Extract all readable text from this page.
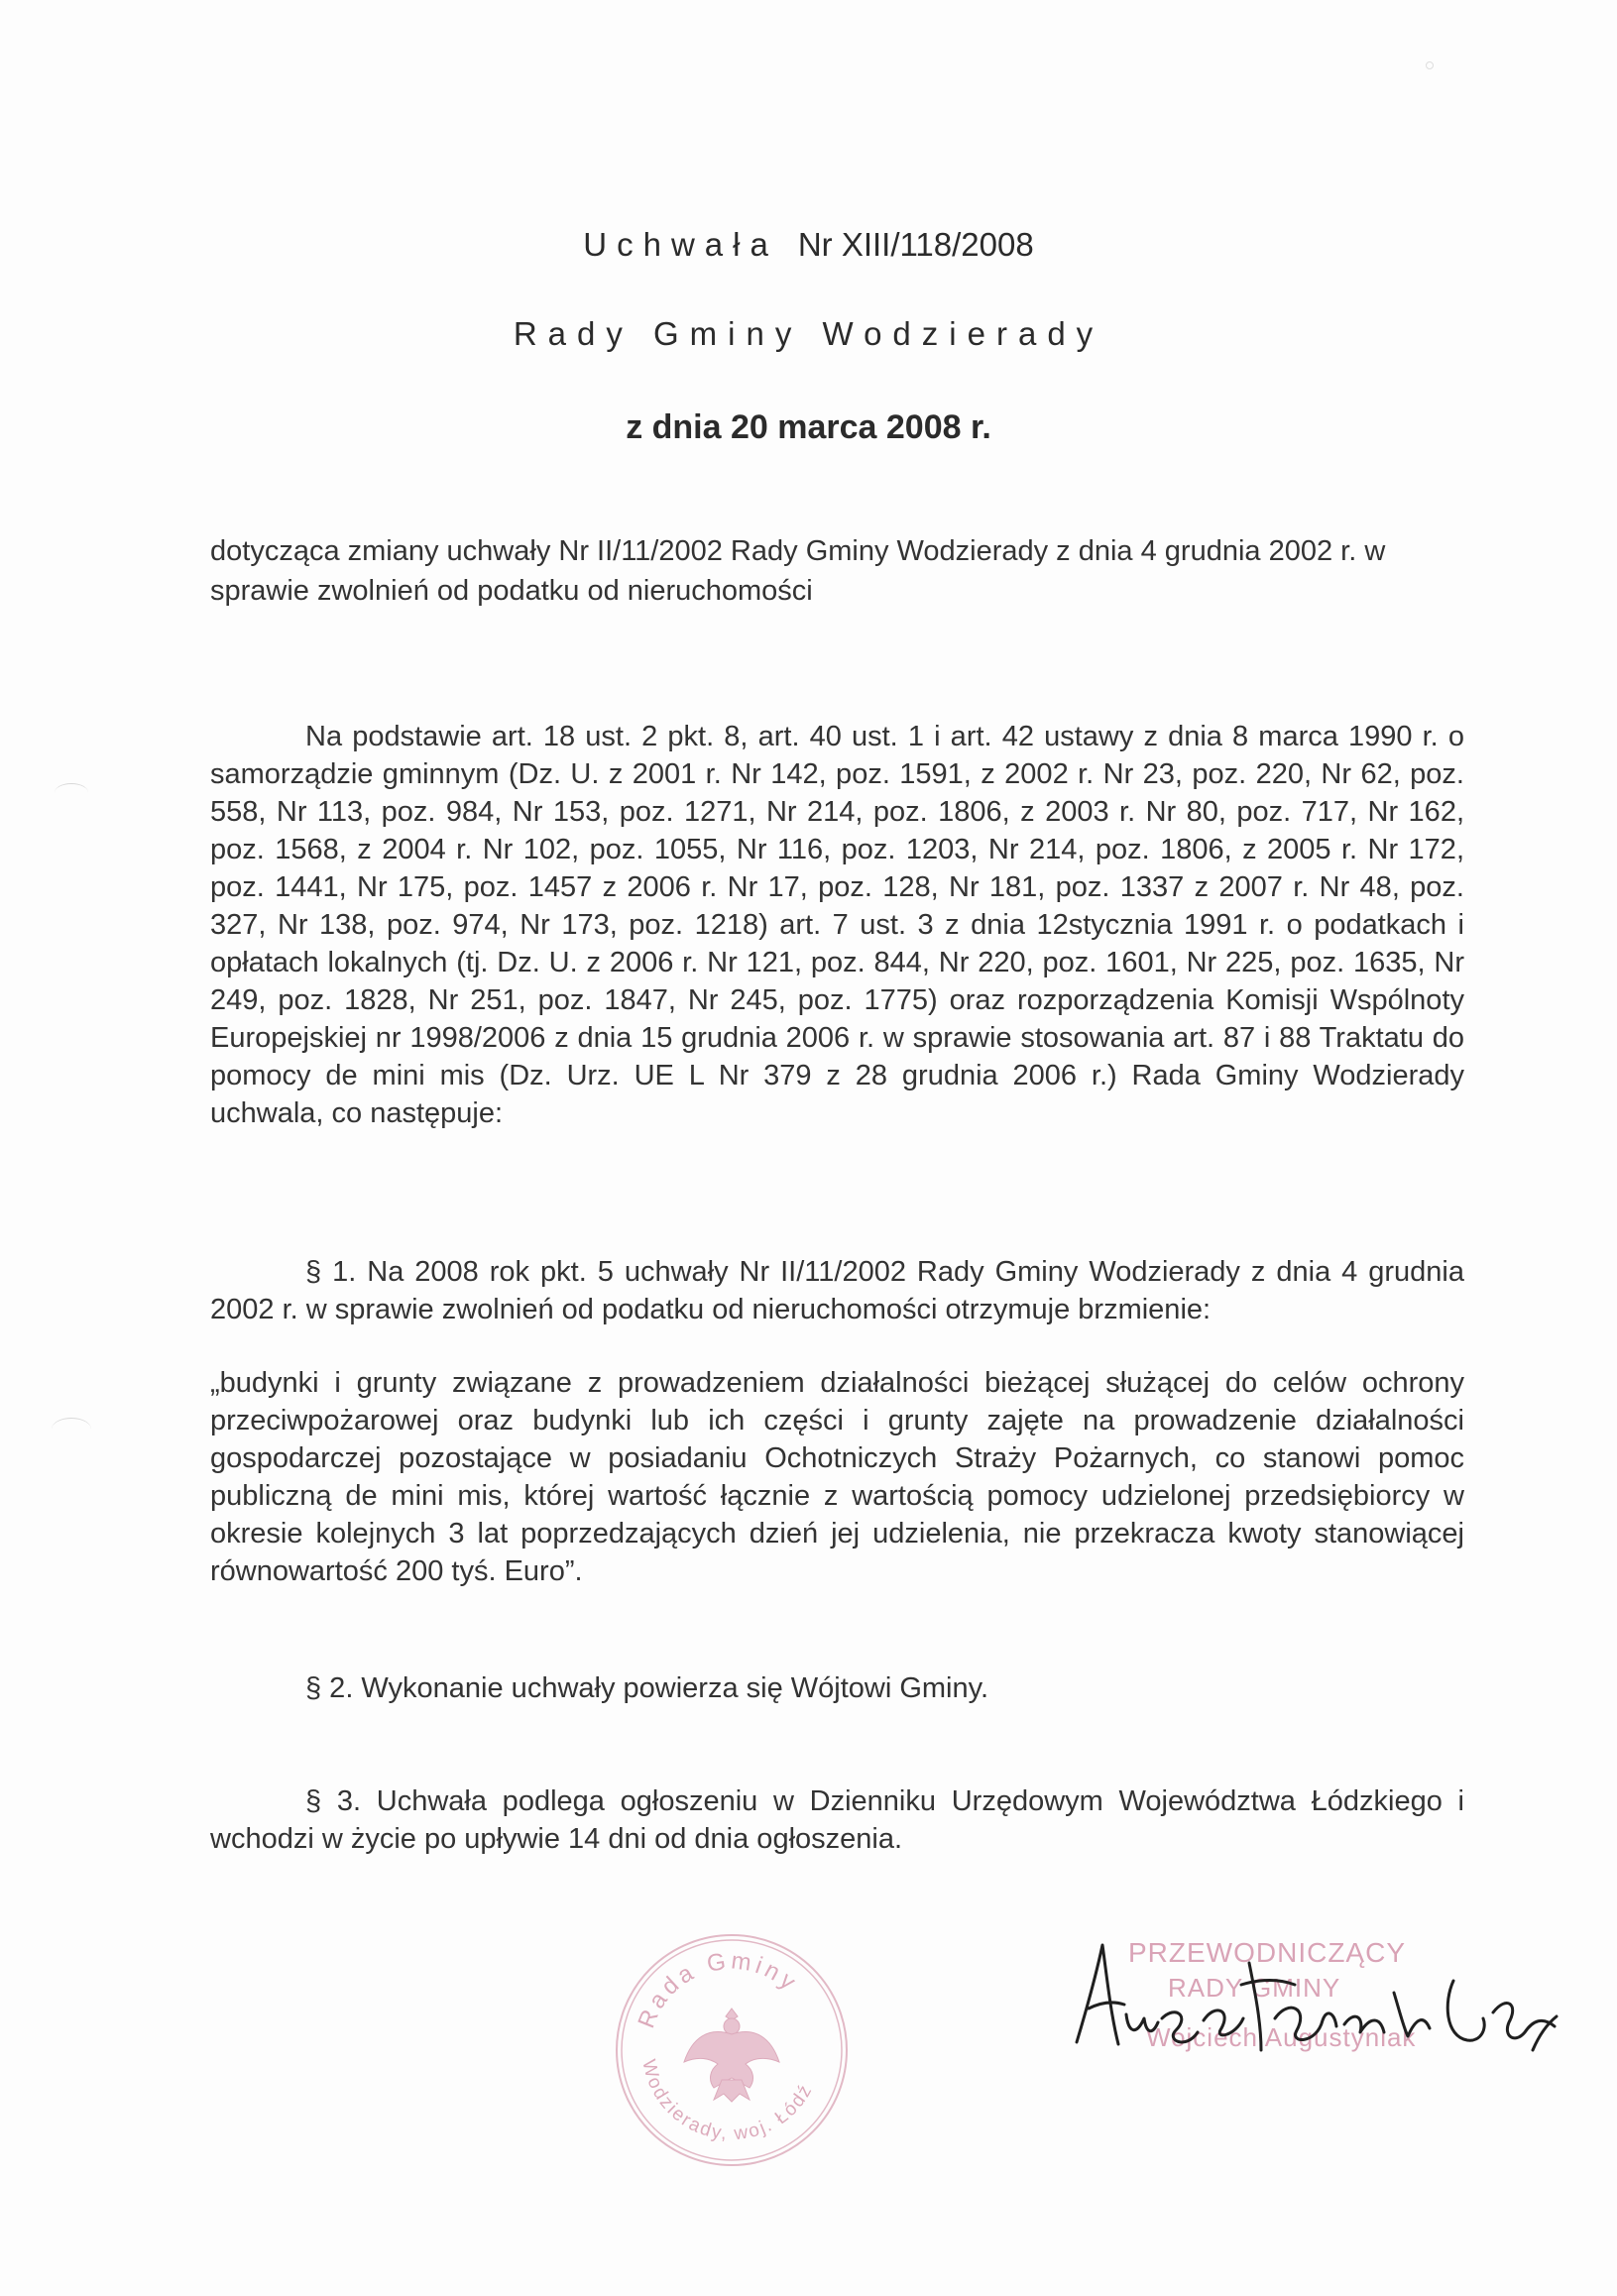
Uchwała Nr XIII/118/2008
Rady Gminy Wodzierady
z dnia 20 marca 2008 r.
dotycząca zmiany uchwały Nr II/11/2002 Rady Gminy Wodzierady z dnia 4 grudnia 2002 r. w sprawie zwolnień od podatku od nieruchomości
Na podstawie art. 18 ust. 2 pkt. 8, art. 40 ust. 1 i art. 42 ustawy z dnia 8 marca 1990 r. o samorządzie gminnym (Dz. U. z 2001 r. Nr 142, poz. 1591, z 2002 r. Nr 23, poz. 220, Nr 62, poz. 558, Nr 113, poz. 984, Nr 153, poz. 1271, Nr 214, poz. 1806, z 2003 r. Nr 80, poz. 717, Nr 162, poz. 1568, z 2004 r. Nr 102, poz. 1055, Nr 116, poz. 1203, Nr 214, poz. 1806, z 2005 r. Nr 172, poz. 1441, Nr 175, poz. 1457 z 2006 r. Nr 17, poz. 128, Nr 181, poz. 1337 z 2007 r. Nr 48, poz. 327, Nr 138, poz. 974, Nr 173, poz. 1218) art. 7 ust. 3 z dnia 12stycznia 1991 r. o podatkach i opłatach lokalnych (tj. Dz. U. z 2006 r. Nr 121, poz. 844, Nr 220, poz. 1601, Nr 225, poz. 1635, Nr 249, poz. 1828, Nr 251, poz. 1847, Nr 245, poz. 1775) oraz rozporządzenia Komisji Wspólnoty Europejskiej nr 1998/2006 z dnia 15 grudnia 2006 r. w sprawie stosowania art. 87 i 88 Traktatu do pomocy de mini mis (Dz. Urz. UE L Nr 379 z 28 grudnia 2006 r.) Rada Gminy Wodzierady uchwala, co następuje:
§ 1. Na 2008 rok pkt. 5 uchwały Nr II/11/2002 Rady Gminy Wodzierady z dnia 4 grudnia 2002 r. w sprawie zwolnień od podatku od nieruchomości otrzymuje brzmienie:
„budynki i grunty związane z prowadzeniem działalności bieżącej służącej do celów ochrony przeciwpożarowej oraz budynki lub ich części i grunty zajęte na prowadzenie działalności gospodarczej pozostające w posiadaniu Ochotniczych Straży Pożarnych, co stanowi pomoc publiczną de mini mis, której wartość łącznie z wartością pomocy udzielonej przedsiębiorcy w okresie kolejnych 3 lat poprzedzających dzień jej udzielenia, nie przekracza kwoty stanowiącej równowartość 200 tyś. Euro”.
§ 2. Wykonanie uchwały powierza się Wójtowi Gminy.
§ 3. Uchwała podlega ogłoszeniu w Dzienniku Urzędowym Województwa Łódzkiego i wchodzi w życie po upływie 14 dni od dnia ogłoszenia.
Rada Gminy
Wodzierady, woj. Łódź
PRZEWODNICZĄCY
RADY GMINY
Wojciech Augustyniak
